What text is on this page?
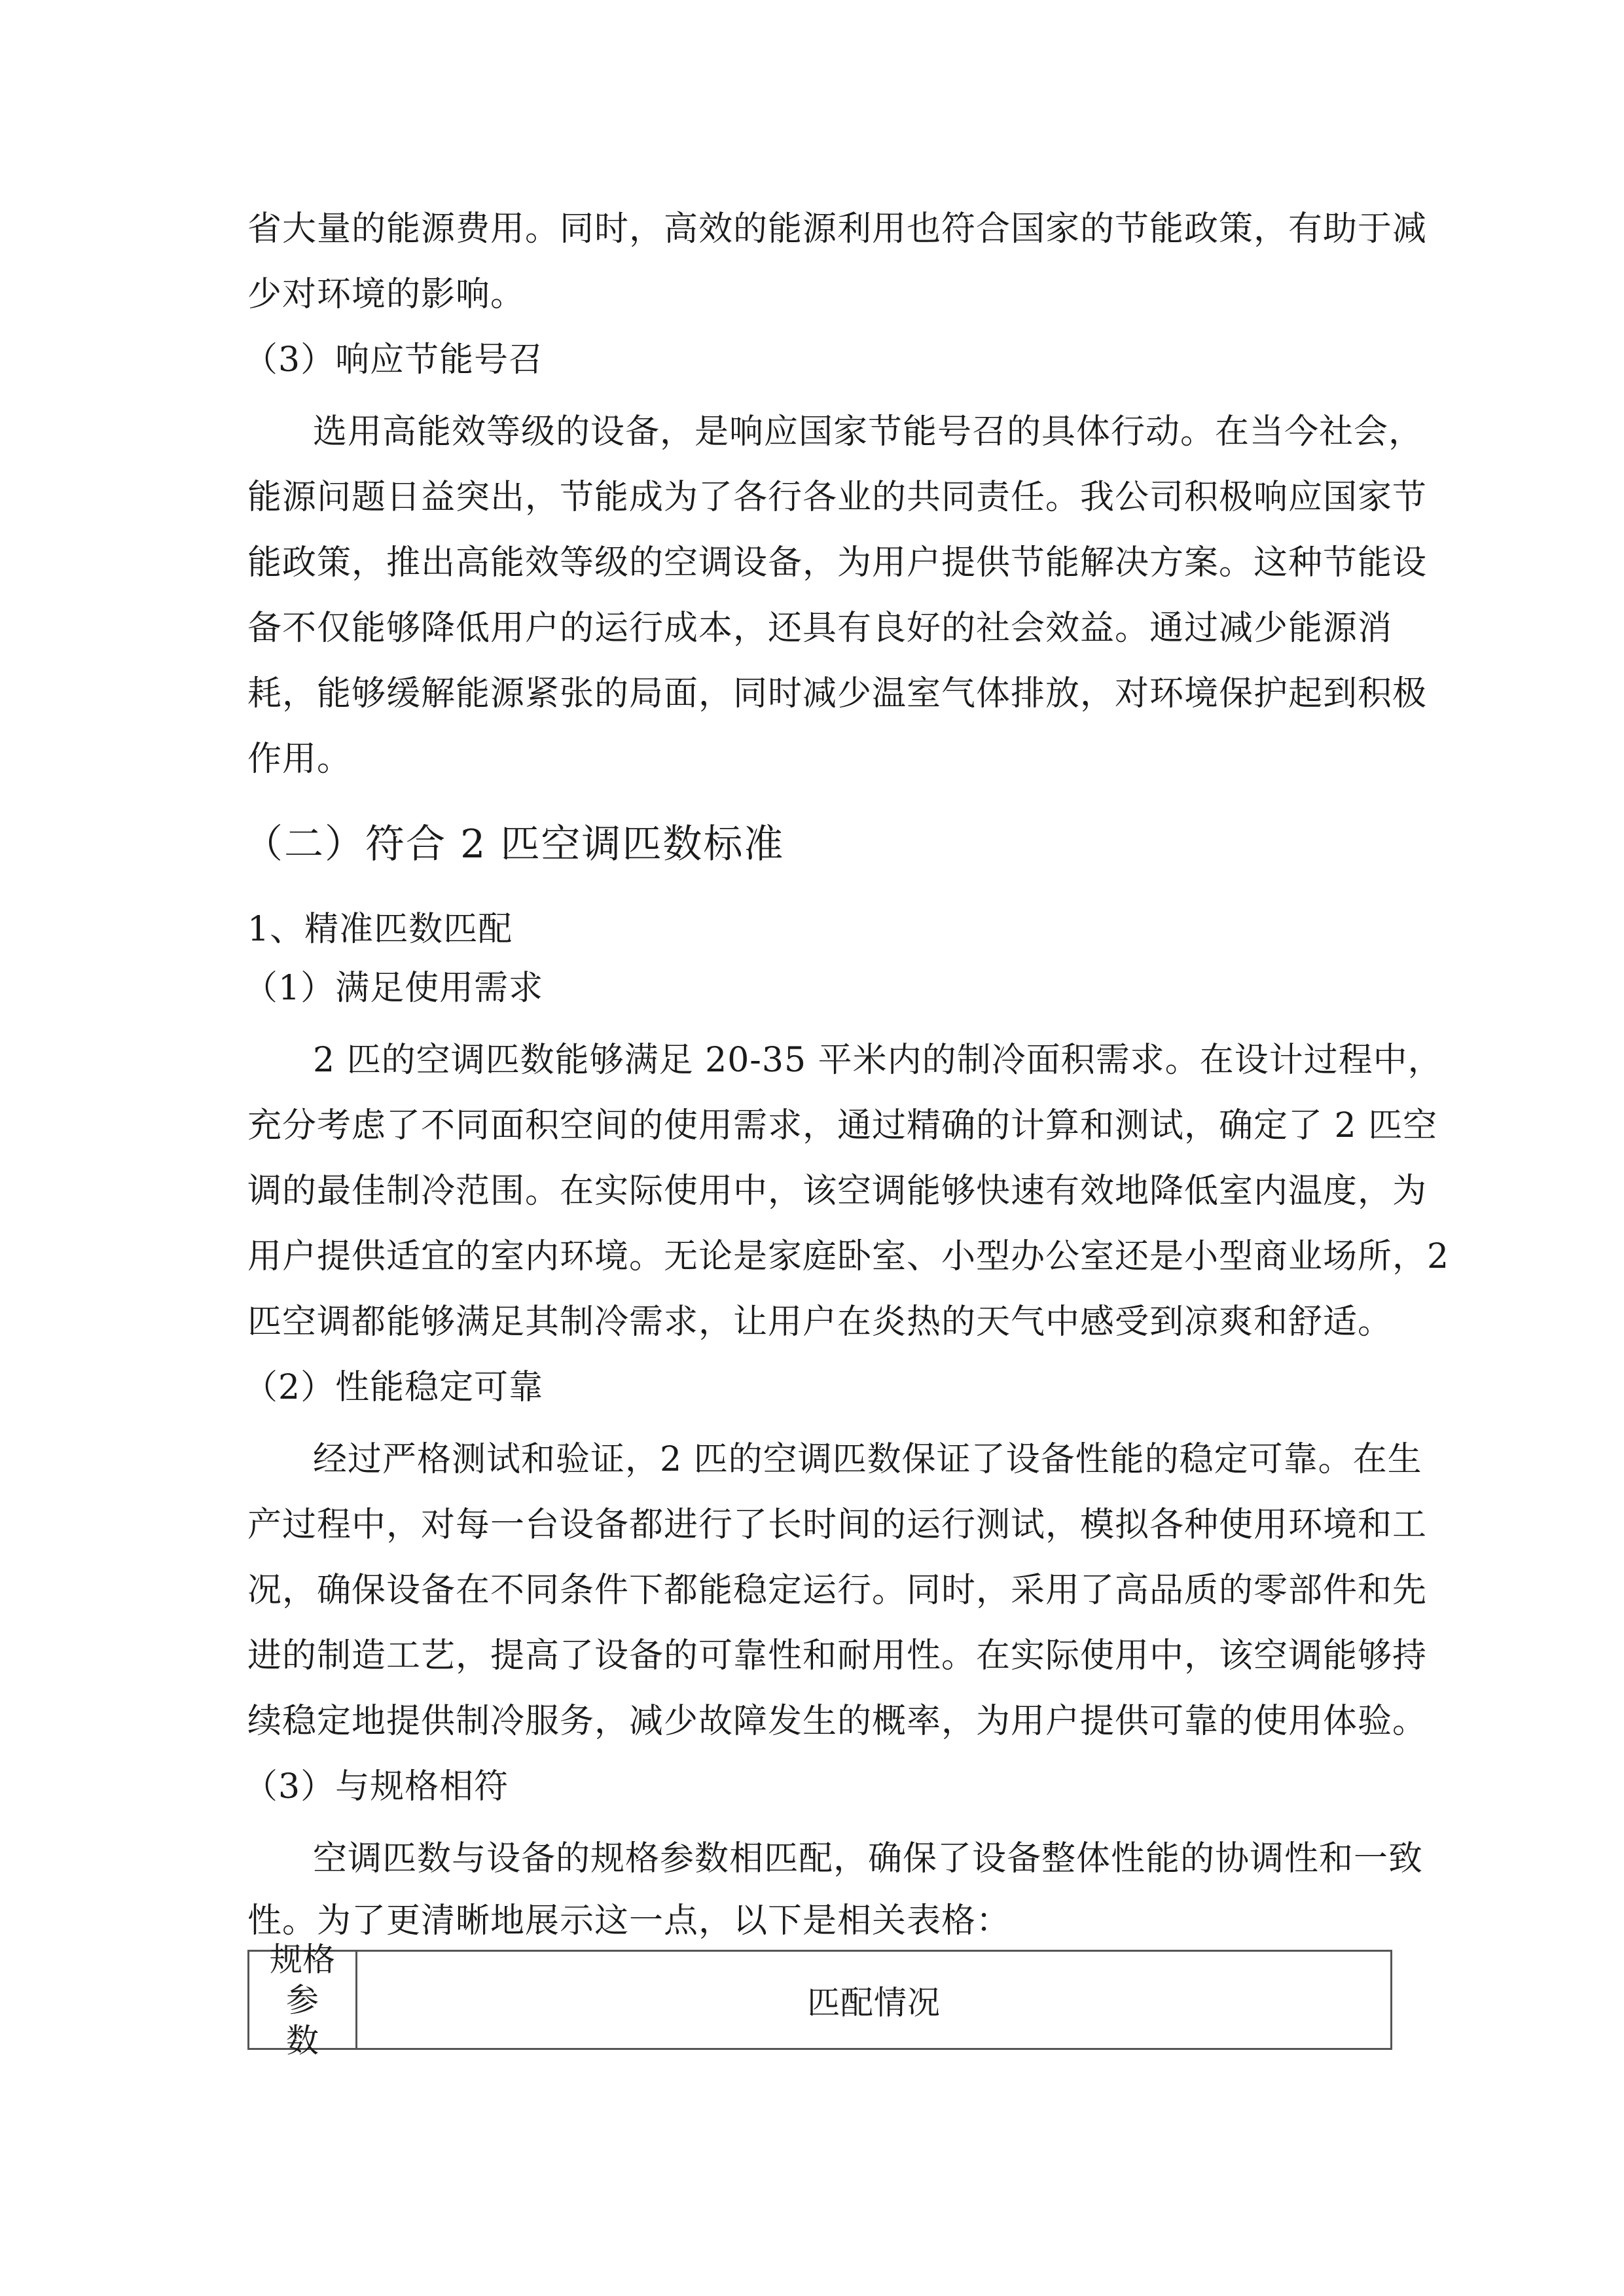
省大量的能源费用。同时，高效的能源利用也符合国家的节能政策，有助于减
少对环境的影响。
（3）响应节能号召
选用高能效等级的设备，是响应国家节能号召的具体行动。在当今社会，
能源问题日益突出，节能成为了各行各业的共同责任。我公司积极响应国家节
能政策，推出高能效等级的空调设备，为用户提供节能解决方案。这种节能设
备不仅能够降低用户的运行成本，还具有良好的社会效益。通过减少能源消
耗，能够缓解能源紧张的局面，同时减少温室气体排放，对环境保护起到积极
作用。
（二）符合 2 匹空调匹数标准
1、精准匹数匹配
（1）满足使用需求
2 匹的空调匹数能够满足 20-35 平米内的制冷面积需求。在设计过程中，
充分考虑了不同面积空间的使用需求，通过精确的计算和测试，确定了 2 匹空
调的最佳制冷范围。在实际使用中，该空调能够快速有效地降低室内温度，为
用户提供适宜的室内环境。无论是家庭卧室、小型办公室还是小型商业场所，2
匹空调都能够满足其制冷需求，让用户在炎热的天气中感受到凉爽和舒适。
（2）性能稳定可靠
经过严格测试和验证，2 匹的空调匹数保证了设备性能的稳定可靠。在生
产过程中，对每一台设备都进行了长时间的运行测试，模拟各种使用环境和工
况，确保设备在不同条件下都能稳定运行。同时，采用了高品质的零部件和先
进的制造工艺，提高了设备的可靠性和耐用性。在实际使用中，该空调能够持
续稳定地提供制冷服务，减少故障发生的概率，为用户提供可靠的使用体验。
（3）与规格相符
空调匹数与设备的规格参数相匹配，确保了设备整体性能的协调性和一致
性。为了更清晰地展示这一点，以下是相关表格：
规格参
数
匹配情况
